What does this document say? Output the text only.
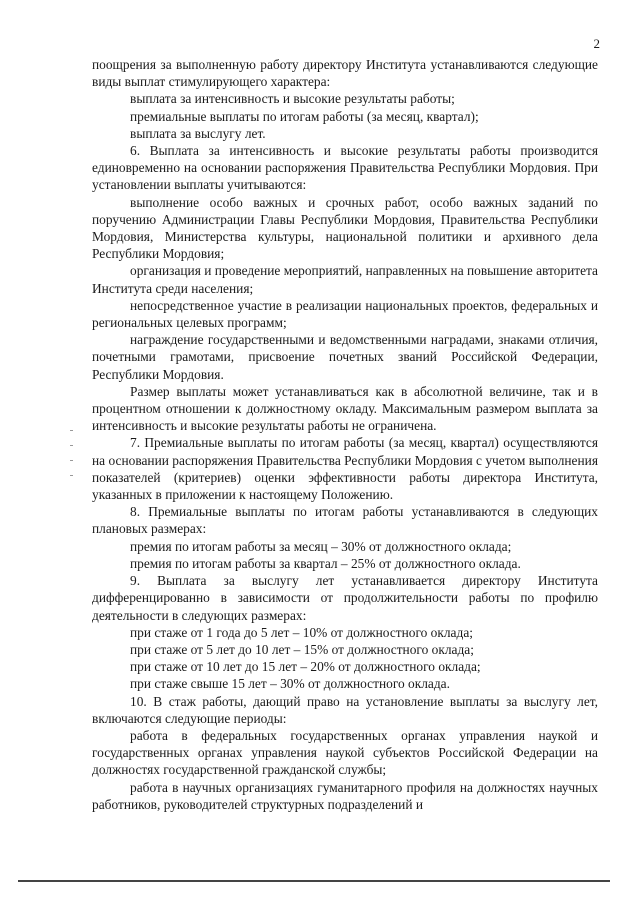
2

поощрения за выполненную работу директору Института устанавливаются следующие виды выплат стимулирующего характера:

выплата за интенсивность и высокие результаты работы;

премиальные выплаты по итогам работы (за месяц, квартал);

выплата за выслугу лет.

6. Выплата за интенсивность и высокие результаты работы производится единовременно на основании распоряжения Правительства Республики Мордовия. При установлении выплаты учитываются:

выполнение особо важных и срочных работ, особо важных заданий по поручению Администрации Главы Республики Мордовия, Правительства Республики Мордовия, Министерства культуры, национальной политики и архивного дела Республики Мордовия;

организация и проведение мероприятий, направленных на повышение авторитета Института среди населения;

непосредственное участие в реализации национальных проектов, федеральных и региональных целевых программ;

награждение государственными и ведомственными наградами, знаками отличия, почетными грамотами, присвоение почетных званий Российской Федерации, Республики Мордовия.

Размер выплаты может устанавливаться как в абсолютной величине, так и в процентном отношении к должностному окладу. Максимальным размером выплата за интенсивность и высокие результаты работы не ограничена.

7. Премиальные выплаты по итогам работы (за месяц, квартал) осуществляются на основании распоряжения Правительства Республики Мордовия с учетом выполнения показателей (критериев) оценки эффективности работы директора Института, указанных в приложении к настоящему Положению.

8. Премиальные выплаты по итогам работы устанавливаются в следующих плановых размерах:

премия по итогам работы за месяц – 30% от должностного оклада;

премия по итогам работы за квартал – 25% от должностного оклада.

9. Выплата за выслугу лет устанавливается директору Института дифференцированно в зависимости от продолжительности работы по профилю деятельности в следующих размерах:

при стаже от 1 года до 5 лет – 10% от должностного оклада;

при стаже от 5 лет до 10 лет – 15% от должностного оклада;

при стаже от 10 лет до 15 лет – 20% от должностного оклада;

при стаже свыше 15 лет – 30% от должностного оклада.

10. В стаж работы, дающий право на установление выплаты за выслугу лет, включаются следующие периоды:

работа в федеральных государственных органах управления наукой и государственных органах управления наукой субъектов Российской Федерации на должностях государственной гражданской службы;

работа в научных организациях гуманитарного профиля на должностях научных работников, руководителей структурных подразделений и
